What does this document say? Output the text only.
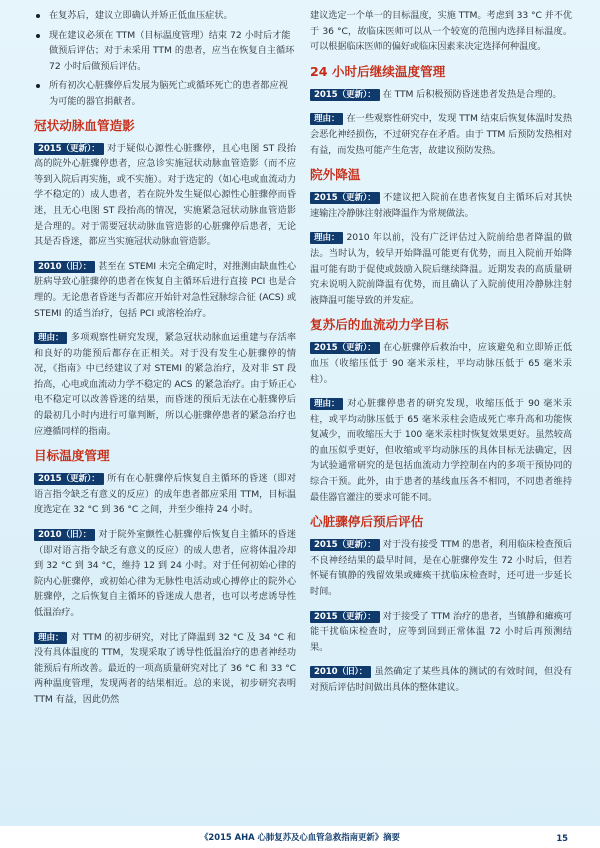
在复苏后，建议立即确认并矫正低血压症状。
现在建议必须在 TTM（目标温度管理）结束 72 小时后才能做预后评估；对于未采用 TTM 的患者，应当在恢复自主循环 72 小时后做预后评估。
所有初次心脏骤停后发展为脑死亡或循环死亡的患者都应视为可能的器官捐献者。
冠状动脉血管造影

2015（更新）： 对于疑似心源性心脏骤停，且心电图 ST 段抬高的院外心脏骤停患者，应急诊实施冠状动脉血管造影（而不应等到入院后再实施，或不实施）。对于选定的（如心电或血流动力学不稳定的）成人患者，若在院外发生疑似心源性心脏骤停而昏迷，且无心电图 ST 段抬高的情况，实施紧急冠状动脉血管造影是合理的。对于需要冠状动脉血管造影的心脏骤停后患者，无论其是否昏迷，都应当实施冠状动脉血管造影。

2010（旧）： 甚至在 STEMI 未完全确定时，对推测由缺血性心脏病导致心脏骤停的患者在恢复自主循环后进行直接 PCI 也是合理的。无论患者昏迷与否都应开始针对急性冠脉综合征 (ACS) 或 STEMI 的适当治疗，包括 PCI 或溶栓治疗。

理由： 多项观察性研究发现，紧急冠状动脉血运重建与存活率和良好的功能预后都存在正相关。对于没有发生心脏骤停的情况，《指南》中已经建议了对 STEMI 的紧急治疗，及对非 ST 段抬高，心电或血流动力学不稳定的 ACS 的紧急治疗。由于矫正心电不稳定可以改善昏迷的结果，而昏迷的预后无法在心脏骤停后的最初几小时内进行可靠判断，所以心脏骤停患者的紧急治疗也应遵循同样的指南。

目标温度管理

2015（更新）： 所有在心脏骤停后恢复自主循环的昏迷（即对语言指令缺乏有意义的反应）的成年患者都应采用 TTM，目标温度选定在 32 °C 到 36 °C 之间，并至少维持 24 小时。

2010（旧）： 对于院外室颤性心脏骤停后恢复自主循环的昏迷（即对语言指令缺乏有意义的反应）的成人患者，应将体温冷却到 32 °C 到 34 °C，维持 12 到 24 小时。对于任何初始心律的院内心脏骤停，或初始心律为无脉性电活动或心搏停止的院外心脏骤停，之后恢复自主循环的昏迷成人患者，也可以考虑诱导性低温治疗。

理由： 对 TTM 的初步研究，对比了降温到 32 °C 及 34 °C 和没有具体温度的 TTM，发现采取了诱导性低温治疗的患者神经功能预后有所改善。最近的一项高质量研究对比了 36 °C 和 33 °C 两种温度管理，发现两者的结果相近。总的来说，初步研究表明 TTM 有益，因此仍然

建议选定一个单一的目标温度，实施 TTM。考虑到 33 °C 并不优于 36 °C，故临床医师可以从一个较宽的范围内选择目标温度。可以根据临床医师的偏好或临床因素来决定选择何种温度。

24 小时后继续温度管理

2015（更新）： 在 TTM 后积极预防昏迷患者发热是合理的。

理由： 在一些观察性研究中，发现 TTM 结束后恢复体温时发热会恶化神经损伤，不过研究存在矛盾。由于 TTM 后预防发热相对有益，而发热可能产生危害，故建议预防发热。

院外降温

2015（更新）： 不建议把入院前在患者恢复自主循环后对其快速输注冷静脉注射液降温作为常规做法。

理由： 2010 年以前，没有广泛评估过入院前给患者降温的做法。当时认为，较早开始降温可能更有优势，而且入院前开始降温可能有助于促使或鼓励入院后继续降温。近期发表的高质量研究未说明入院前降温有优势，而且确认了入院前使用冷静脉注射液降温可能导致的并发症。

复苏后的血流动力学目标

2015（更新）： 在心脏骤停后救治中，应该避免和立即矫正低血压（收缩压低于 90 毫米汞柱，平均动脉压低于 65 毫米汞柱）。

理由： 对心脏骤停患者的研究发现，收缩压低于 90 毫米汞柱，或平均动脉压低于 65 毫米汞柱会造成死亡率升高和功能恢复减少，而收缩压大于 100 毫米汞柱时恢复效果更好。虽然较高的血压似乎更好，但收缩或平均动脉压的具体目标无法确定，因为试验通常研究的是包括血流动力学控制在内的多项干预协同的综合干预。此外，由于患者的基线血压各不相同，不同患者维持最佳器官灌注的要求可能不同。

心脏骤停后预后评估

2015（更新）： 对于没有接受 TTM 的患者，利用临床检查预后不良神经结果的最早时间，是在心脏骤停发生 72 小时后，但若怀疑有镇静的残留效果或瘫痪干扰临床检查时，还可进一步延长时间。

2015（更新）： 对于接受了 TTM 治疗的患者，当镇静和瘫痪可能干扰临床检查时，应等到回到正常体温 72 小时后再预测结果。

2010（旧）： 虽然确定了某些具体的测试的有效时间，但没有对预后评估时间做出具体的整体建议。

《2015 AHA 心肺复苏及心血管急救指南更新》摘要	15
